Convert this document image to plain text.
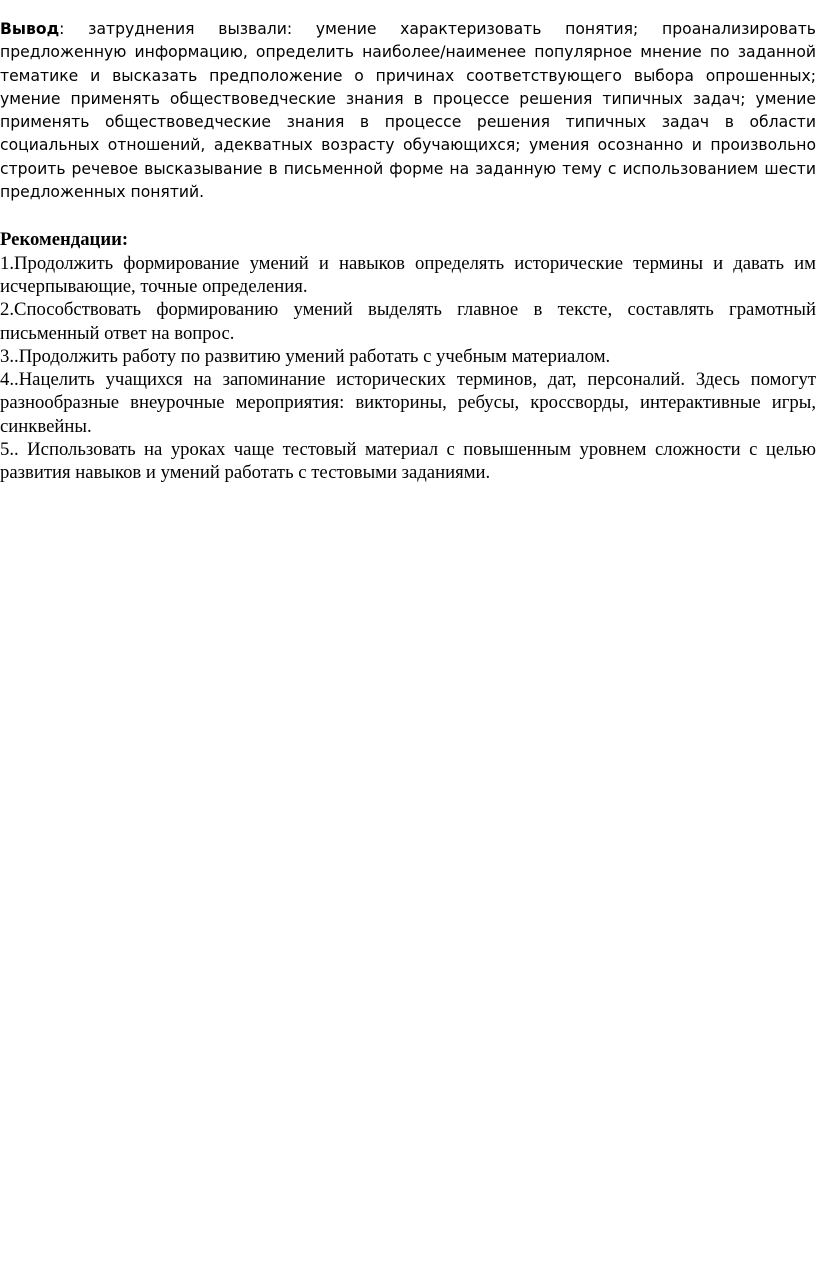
Вывод: затруднения вызвали: умение характеризовать понятия; проанализировать предложенную информацию, определить наиболее/наименее популярное мнение по заданной тематике и высказать предположение о причинах соответствующего выбора опрошенных; умение применять обществоведческие знания в процессе решения типичных задач; умение применять обществоведческие знания в процессе решения типичных задач в области социальных отношений, адекватных возрасту обучающихся; умения осознанно и произвольно строить речевое высказывание в письменной форме на заданную тему с использованием шести предложенных понятий.

Рекомендации:
1.Продолжить формирование умений и навыков определять исторические термины и давать им исчерпывающие, точные определения.
2.Способствовать формированию умений выделять главное в тексте, составлять грамотный письменный ответ на вопрос.
3..Продолжить работу по развитию умений работать с учебным материалом.
4..Нацелить учащихся на запоминание исторических терминов, дат, персоналий. Здесь помогут разнообразные внеурочные мероприятия: викторины, ребусы, кроссворды, интерактивные игры, синквейны.
5.. Использовать на уроках чаще тестовый материал с повышенным уровнем сложности с целью развития навыков и умений работать с тестовыми заданиями.
